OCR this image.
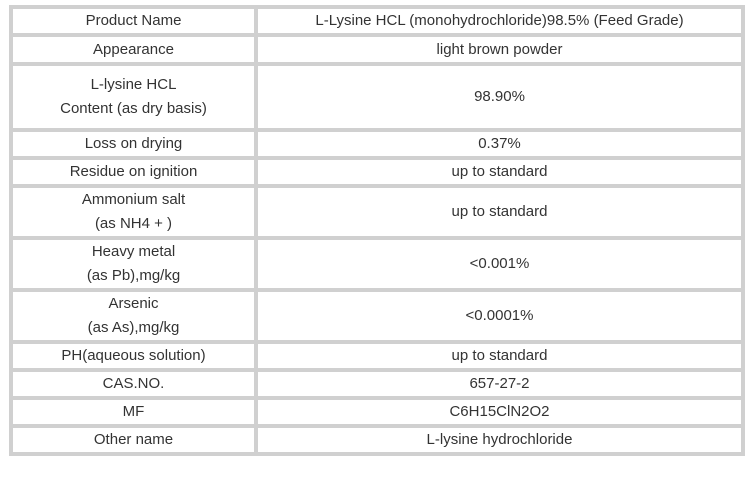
Product Name	L-Lysine HCL (monohydrochloride)98.5% (Feed Grade)

Appearance	light brown powder

L-lysine HCL
Content (as dry basis)	98.90%

Loss on drying	0.37%

Residue on ignition	up to standard

Ammonium salt
(as NH4 + )	up to standard

Heavy metal
(as Pb),mg/kg	<0.001%

Arsenic
(as As),mg/kg	<0.0001%

PH(aqueous solution)	up to standard

CAS.NO.	657-27-2

MF	C6H15ClN2O2

Other name	L-lysine hydrochloride
